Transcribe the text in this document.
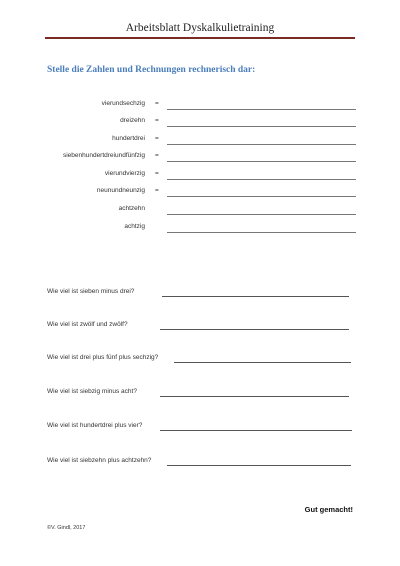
Arbeitsblatt Dyskalkulietraining
Stelle die Zahlen und Rechnungen rechnerisch dar:
vierundsechzig =
dreizehn =
hundertdrei =
siebenhundertdreiundfünfzig =
vierundvierzig =
neunundneunzig =
achtzehn
achtzig
Wie viel ist sieben minus drei?
Wie viel ist zwölf und zwölf?
Wie viel ist drei plus fünf plus sechzig?
Wie viel ist siebzig minus acht?
Wie viel ist hundertdrei plus vier?
Wie viel ist siebzehn plus achtzehn?
Gut gemacht!
©V. Gindl, 2017
